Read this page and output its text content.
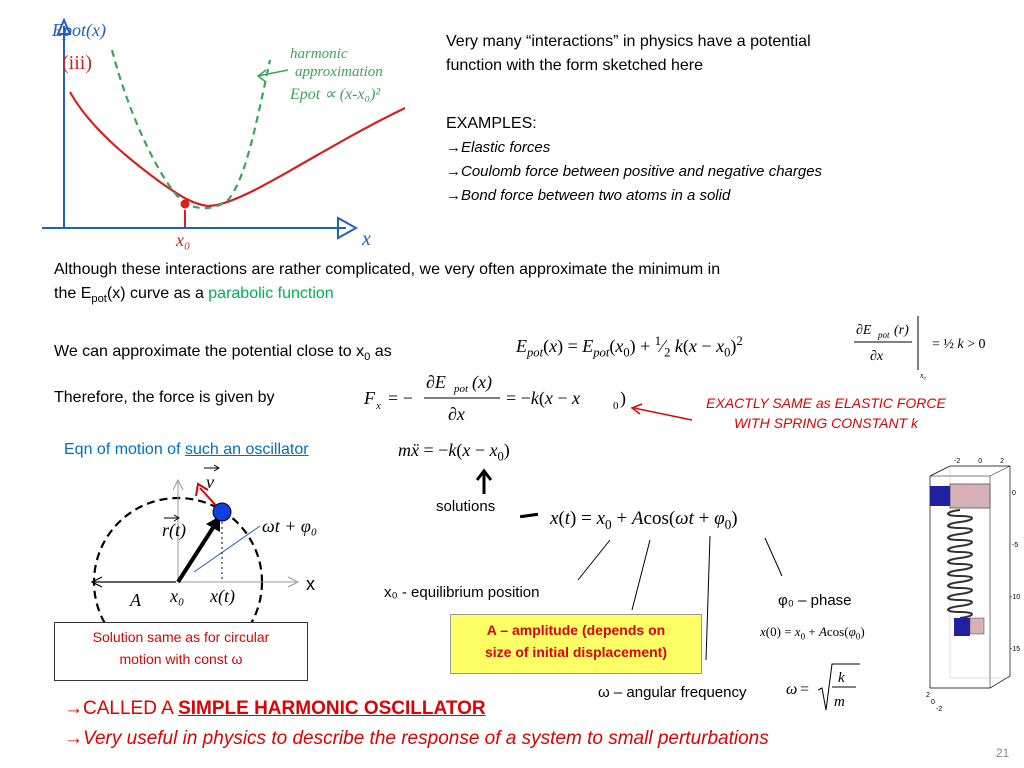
Epot(x)
(iii)	harmonic
approximation
Epot ∝ (x-x₀)²
x
x₀
Very many “interactions” in physics have a potential
function with the form sketched here
EXAMPLES:
→Elastic forces
→Coulomb force between positive and negative charges
→Bond force between two atoms in a solid
Although these interactions are rather complicated, we very often approximate the minimum in
the $E_{pot}(x)$ curve as a parabolic function
We can approximate the potential close to $x_0$ as	$E_{pot}(x) = E_{pot}(x_0)$ + $^1⁄_2$ $k(x - x_0)^2$
∂E pot (r)
∂x
x₀
= ½ k > 0
Therefore, the force is given by	F x = −
∂E pot (x)
∂x
= −k(x − x	0 )	EXACTLY SAME as ELASTIC FORCE
WITH SPRING CONSTANT k
Eqn of motion of such an oscillator	mẍ = $-k(x - x_0)$
solutions
$x(t) = x_0 + Acos(\omega t + \varphi_0)$
v
r(t)	ωt + φ₀
A x₀ x(t)
x
Solution same as for circular
motion with const ω
x₀ - equilibrium position
A – amplitude (depends on
size of initial displacement)
φ₀ – phase
$x(0) = x_0 + Acos(\varphi_0)$
ω – angular frequency ω =
k
m
-2	0	2
0
-5
-10
-15
2
0
-2
→CALLED A SIMPLE HARMONIC OSCILLATOR
→Very useful in physics to describe the response of a system to small perturbations
21
